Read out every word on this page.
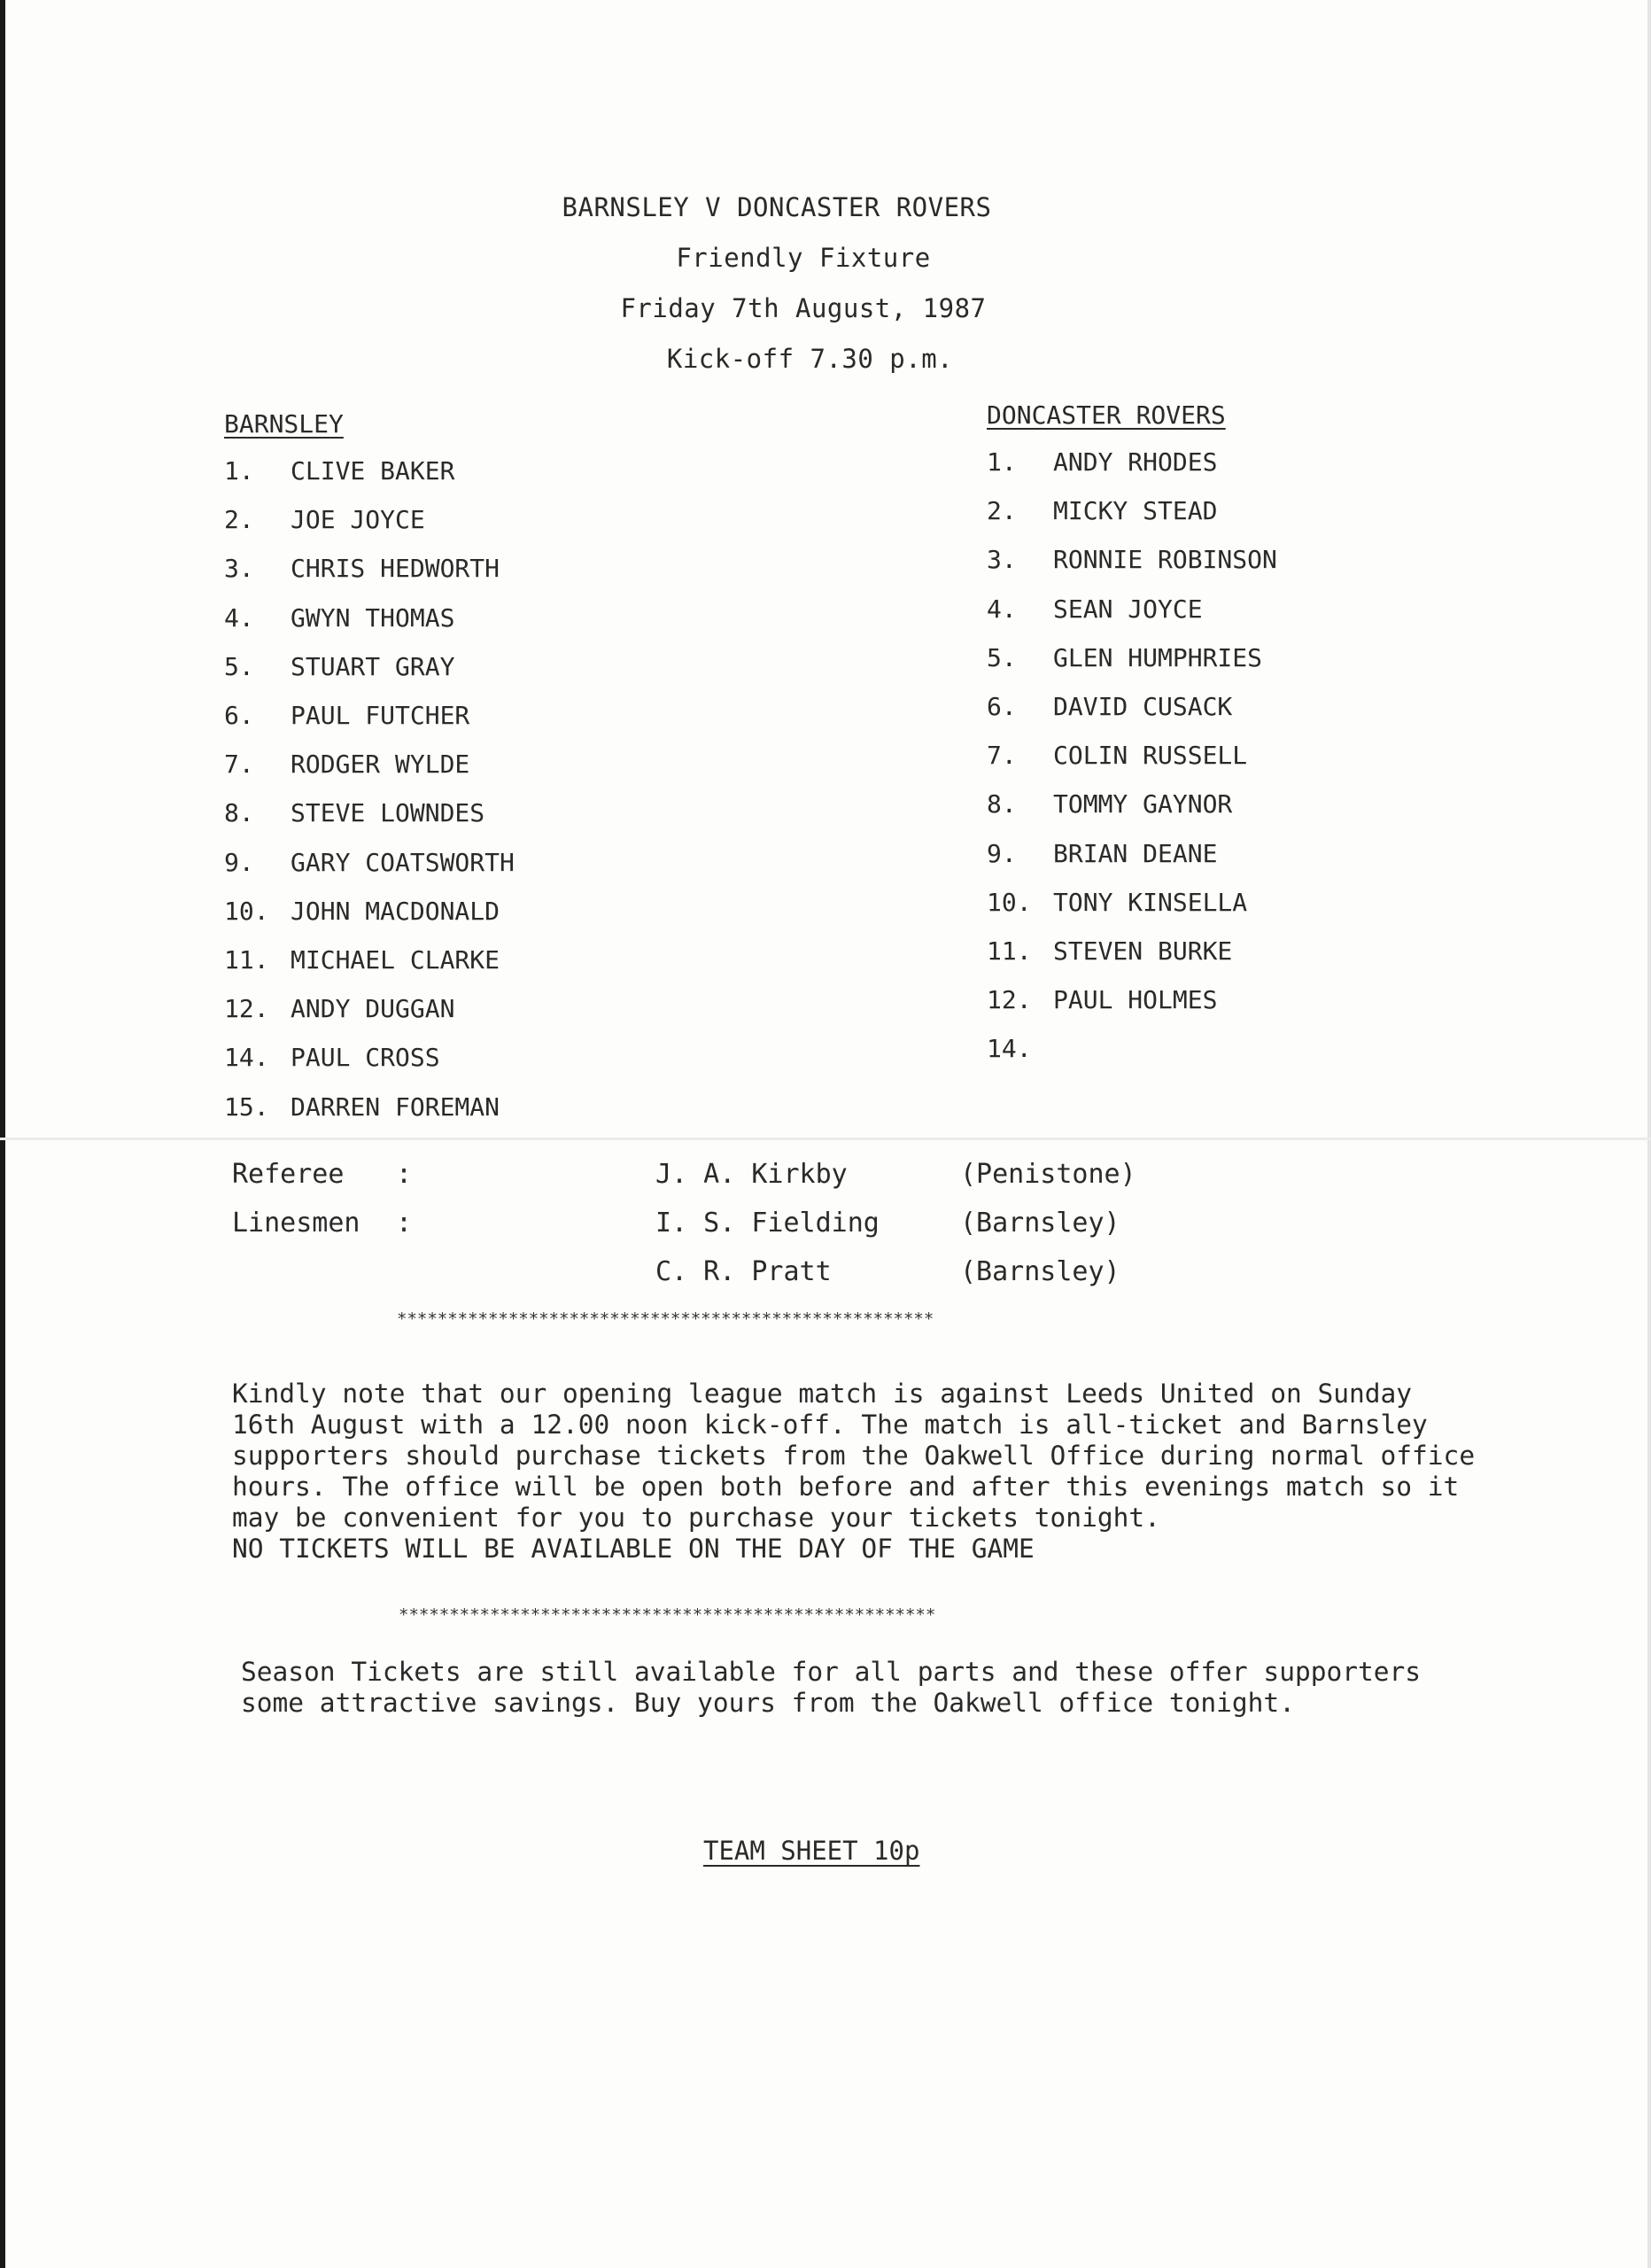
BARNSLEY V DONCASTER ROVERS
Friendly Fixture
Friday 7th August, 1987
Kick-off 7.30 p.m.
BARNSLEY
1. CLIVE BAKER
2. JOE JOYCE
3. CHRIS HEDWORTH
4. GWYN THOMAS
5. STUART GRAY
6. PAUL FUTCHER
7. RODGER WYLDE
8. STEVE LOWNDES
9. GARY COATSWORTH
10. JOHN MACDONALD
11. MICHAEL CLARKE
12. ANDY DUGGAN
14. PAUL CROSS
15. DARREN FOREMAN
DONCASTER ROVERS
1. ANDY RHODES
2. MICKY STEAD
3. RONNIE ROBINSON
4. SEAN JOYCE
5. GLEN HUMPHRIES
6. DAVID CUSACK
7. COLIN RUSSELL
8. TOMMY GAYNOR
9. BRIAN DEANE
10. TONY KINSELLA
11. STEVEN BURKE
12. PAUL HOLMES
14.
Referee :	J. A. Kirkby	(Penistone)
Linesmen :	I. S. Fielding	(Barnsley)
C. R. Pratt	(Barnsley)
*****************************************************
Kindly note that our opening league match is against Leeds United on Sunday
16th August with a 12.00 noon kick-off. The match is all-ticket and Barnsley
supporters should purchase tickets from the Oakwell Office during normal office
hours. The office will be open both before and after this evenings match so it
may be convenient for you to purchase your tickets tonight.
NO TICKETS WILL BE AVAILABLE ON THE DAY OF THE GAME
*****************************************************
Season Tickets are still available for all parts and these offer supporters
some attractive savings. Buy yours from the Oakwell office tonight.
TEAM SHEET 10p
